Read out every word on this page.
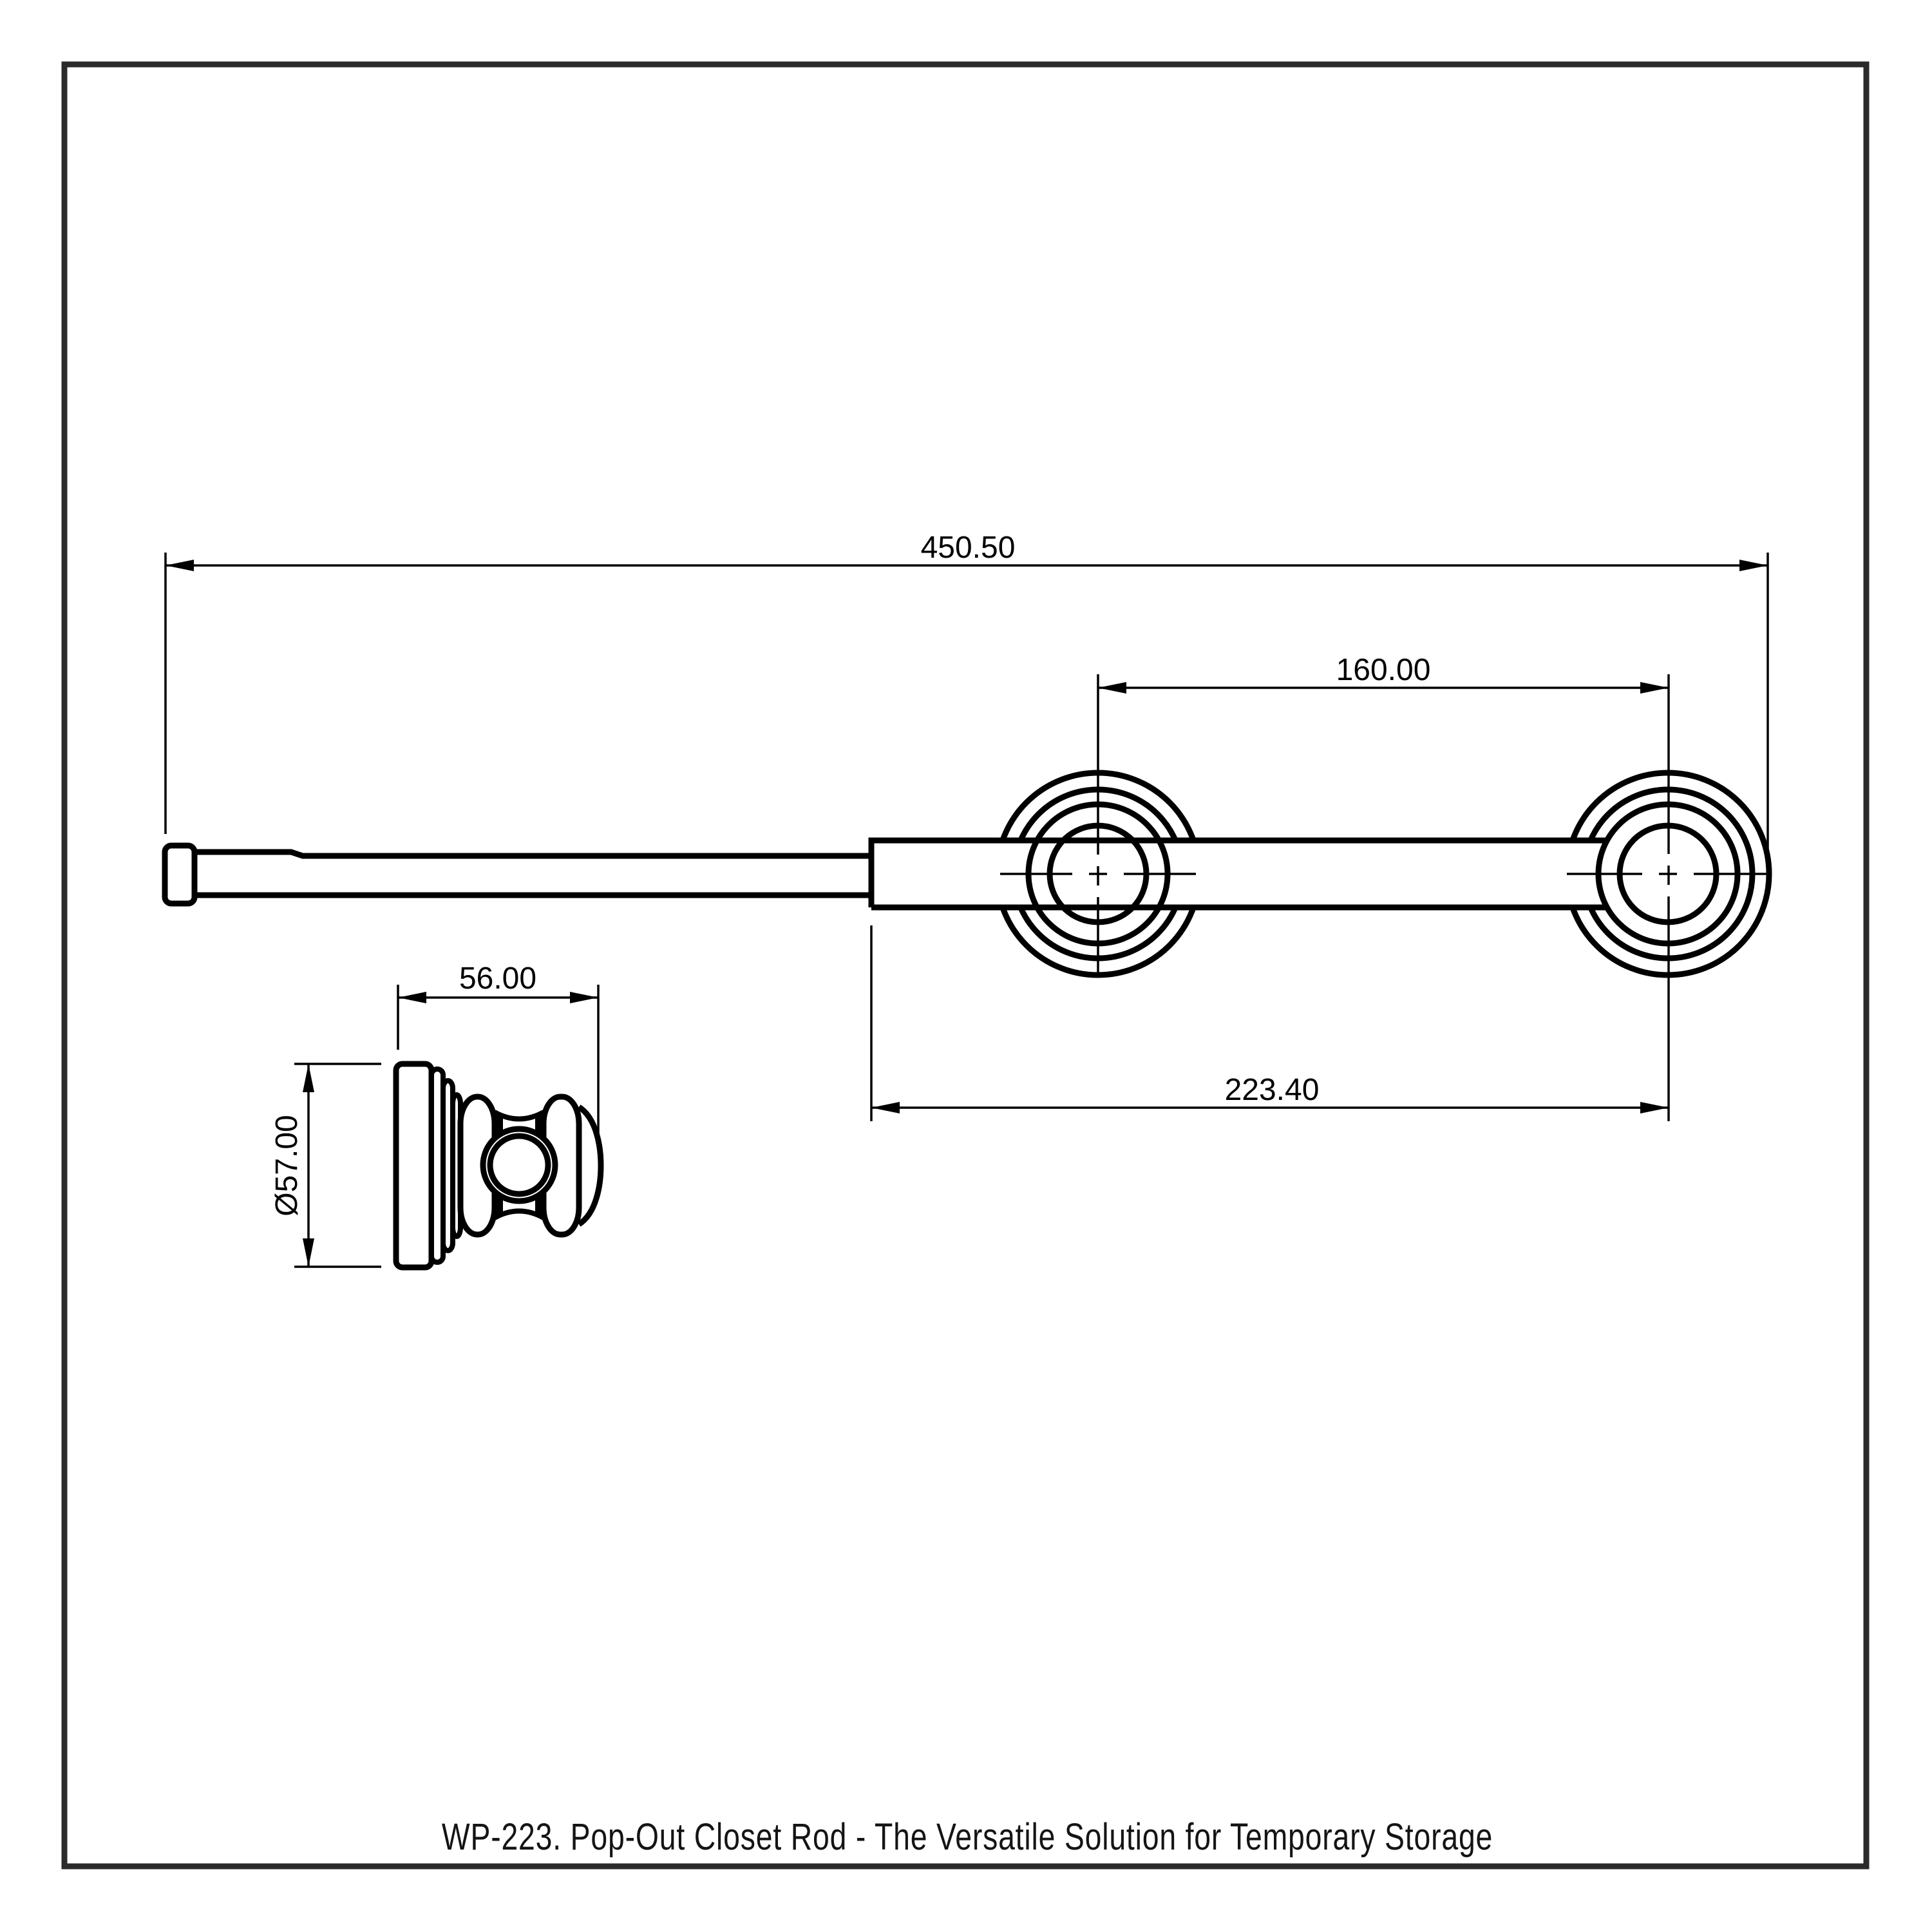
450.50
160.00
223.40
56.00
Ø57.00
WP-223. Pop-Out Closet Rod - The Versatile Solution for Temporary Storage
